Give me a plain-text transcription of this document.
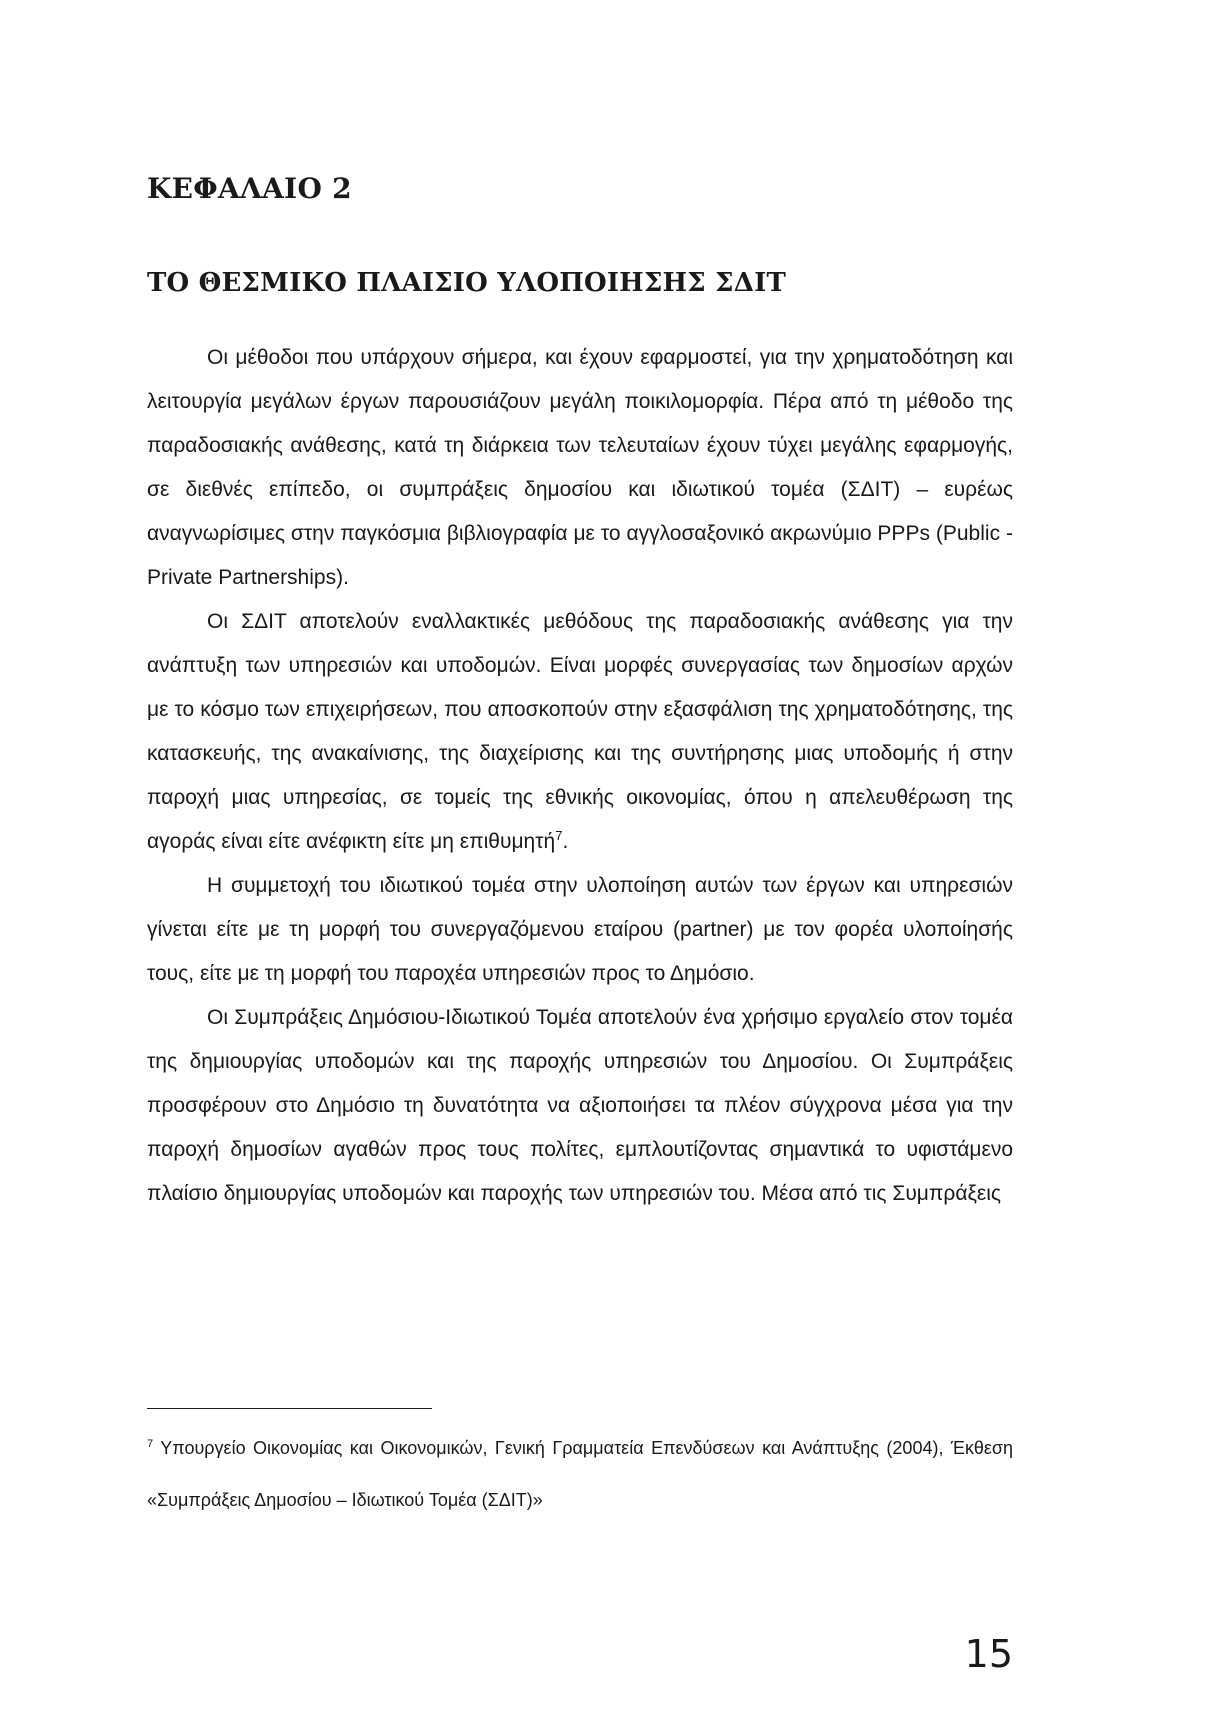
ΚΕΦΑΛΑΙΟ 2
ΤΟ ΘΕΣΜΙΚΟ ΠΛΑΙΣΙΟ ΥΛΟΠΟΙΗΣΗΣ ΣΔΙΤ

Οι μέθοδοι που υπάρχουν σήμερα, και έχουν εφαρμοστεί, για την χρηματοδότηση και λειτουργία μεγάλων έργων παρουσιάζουν μεγάλη ποικιλομορφία. Πέρα από τη μέθοδο της παραδοσιακής ανάθεσης, κατά τη διάρκεια των τελευταίων έχουν τύχει μεγάλης εφαρμογής, σε διεθνές επίπεδο, οι συμπράξεις δημοσίου και ιδιωτικού τομέα (ΣΔΙΤ) – ευρέως αναγνωρίσιμες στην παγκόσμια βιβλιογραφία με το αγγλοσαξονικό ακρωνύμιο PPPs (Public - Private Partnerships).

Οι ΣΔΙΤ αποτελούν εναλλακτικές μεθόδους της παραδοσιακής ανάθεσης για την ανάπτυξη των υπηρεσιών και υποδομών. Είναι μορφές συνεργασίας των δημοσίων αρχών με το κόσμο των επιχειρήσεων, που αποσκοπούν στην εξασφάλιση της χρηματοδότησης, της κατασκευής, της ανακαίνισης, της διαχείρισης και της συντήρησης μιας υποδομής ή στην παροχή μιας υπηρεσίας, σε τομείς της εθνικής οικονομίας, όπου η απελευθέρωση της αγοράς είναι είτε ανέφικτη είτε μη επιθυμητή$^7$.

Η συμμετοχή του ιδιωτικού τομέα στην υλοποίηση αυτών των έργων και υπηρεσιών γίνεται είτε με τη μορφή του συνεργαζόμενου εταίρου (partner) με τον φορέα υλοποίησής τους, είτε με τη μορφή του παροχέα υπηρεσιών προς το Δημόσιο.

Οι Συμπράξεις Δημόσιου-Ιδιωτικού Τομέα αποτελούν ένα χρήσιμο εργαλείο στον τομέα της δημιουργίας υποδομών και της παροχής υπηρεσιών του Δημοσίου. Οι Συμπράξεις προσφέρουν στο Δημόσιο τη δυνατότητα να αξιοποιήσει τα πλέον σύγχρονα μέσα για την παροχή δημοσίων αγαθών προς τους πολίτες, εμπλουτίζοντας σημαντικά το υφιστάμενο πλαίσιο δημιουργίας υποδομών και παροχής των υπηρεσιών του. Μέσα από τις Συμπράξεις

$^7$ Υπουργείο Οικονομίας και Οικονομικών, Γενική Γραμματεία Επενδύσεων και Ανάπτυξης (2004), Έκθεση «Συμπράξεις Δημοσίου – Ιδιωτικού Τομέα (ΣΔΙΤ)»
15
